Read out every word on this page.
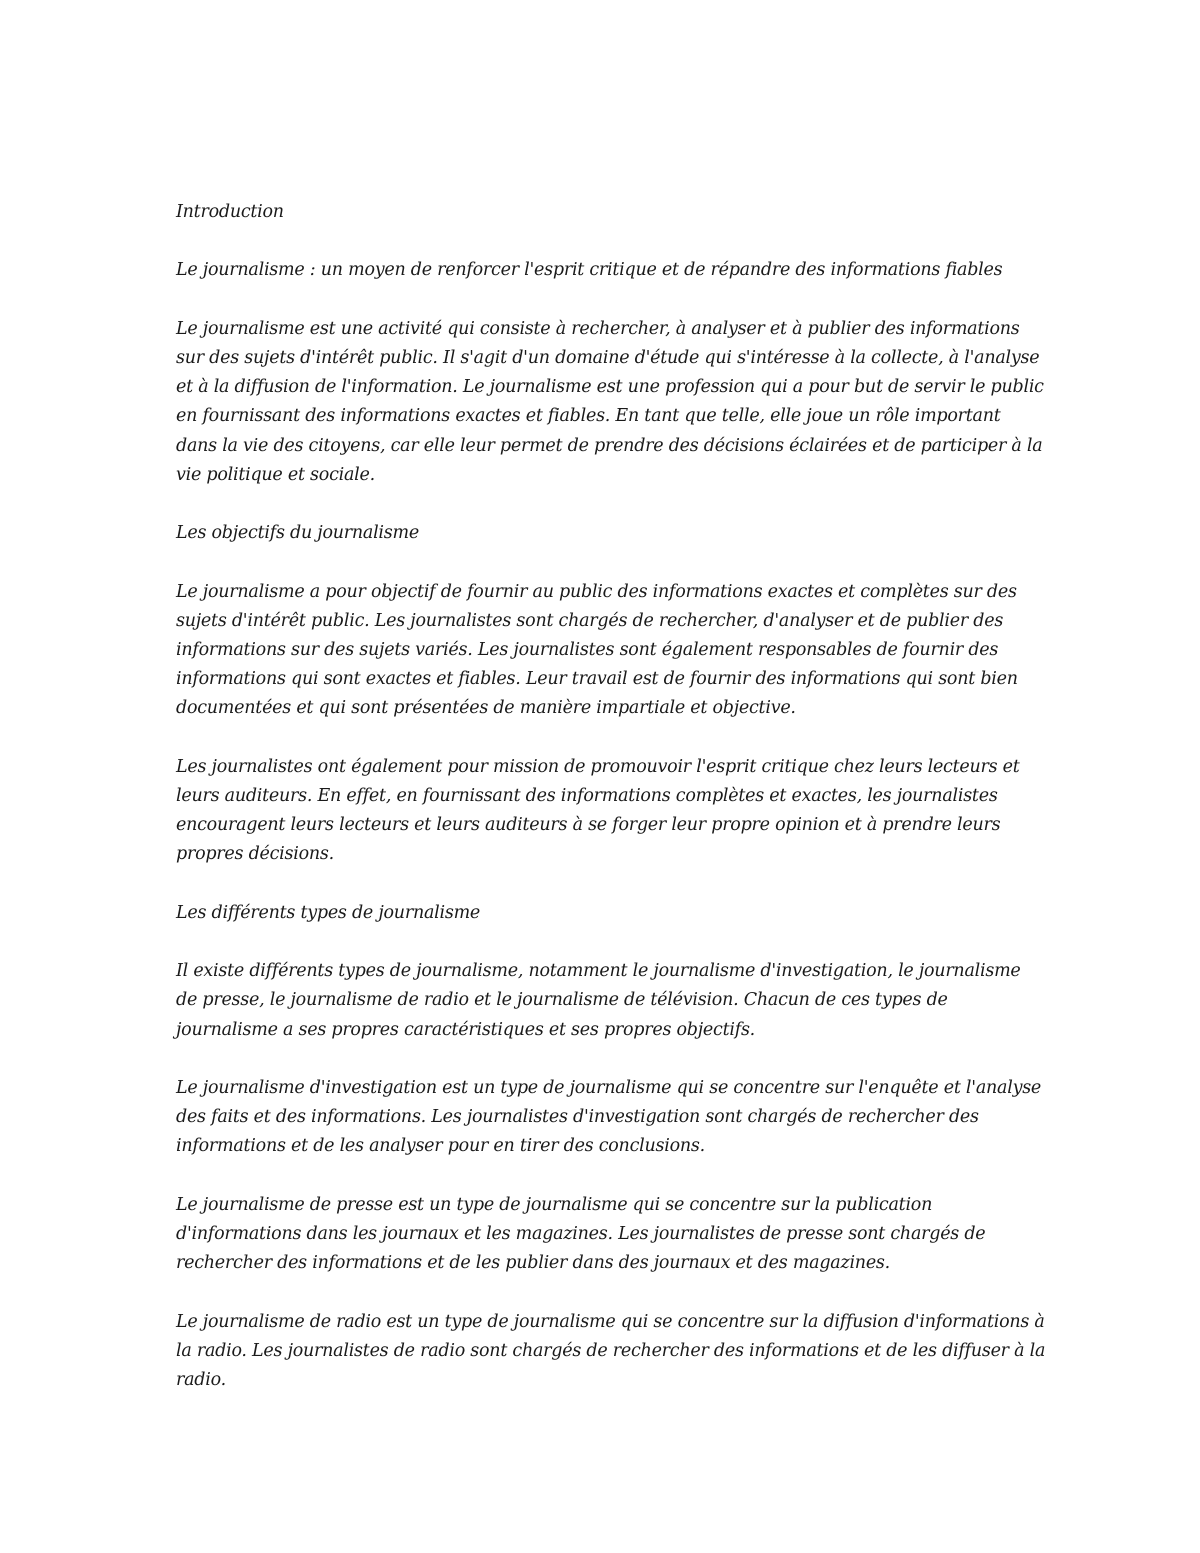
Introduction

Le journalisme : un moyen de renforcer l'esprit critique et de répandre des informations fiables

Le journalisme est une activité qui consiste à rechercher, à analyser et à publier des informations sur des sujets d'intérêt public. Il s'agit d'un domaine d'étude qui s'intéresse à la collecte, à l'analyse et à la diffusion de l'information. Le journalisme est une profession qui a pour but de servir le public en fournissant des informations exactes et fiables. En tant que telle, elle joue un rôle important dans la vie des citoyens, car elle leur permet de prendre des décisions éclairées et de participer à la vie politique et sociale.

Les objectifs du journalisme

Le journalisme a pour objectif de fournir au public des informations exactes et complètes sur des sujets d'intérêt public. Les journalistes sont chargés de rechercher, d'analyser et de publier des informations sur des sujets variés. Les journalistes sont également responsables de fournir des informations qui sont exactes et fiables. Leur travail est de fournir des informations qui sont bien documentées et qui sont présentées de manière impartiale et objective.

Les journalistes ont également pour mission de promouvoir l'esprit critique chez leurs lecteurs et leurs auditeurs. En effet, en fournissant des informations complètes et exactes, les journalistes encouragent leurs lecteurs et leurs auditeurs à se forger leur propre opinion et à prendre leurs propres décisions.

Les différents types de journalisme

Il existe différents types de journalisme, notamment le journalisme d'investigation, le journalisme de presse, le journalisme de radio et le journalisme de télévision. Chacun de ces types de journalisme a ses propres caractéristiques et ses propres objectifs.

Le journalisme d'investigation est un type de journalisme qui se concentre sur l'enquête et l'analyse des faits et des informations. Les journalistes d'investigation sont chargés de rechercher des informations et de les analyser pour en tirer des conclusions.

Le journalisme de presse est un type de journalisme qui se concentre sur la publication d'informations dans les journaux et les magazines. Les journalistes de presse sont chargés de rechercher des informations et de les publier dans des journaux et des magazines.

Le journalisme de radio est un type de journalisme qui se concentre sur la diffusion d'informations à la radio. Les journalistes de radio sont chargés de rechercher des informations et de les diffuser à la radio.
